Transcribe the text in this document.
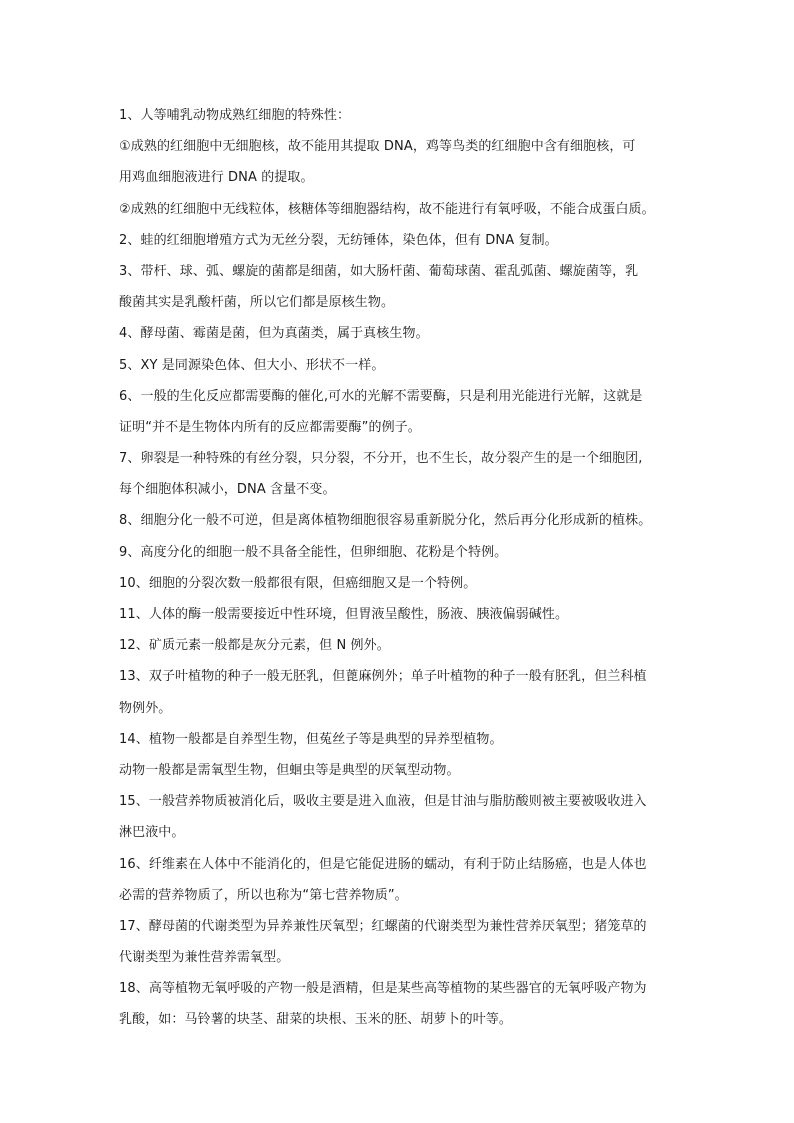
1、人等哺乳动物成熟红细胞的特殊性：
①成熟的红细胞中无细胞核，故不能用其提取 DNA，鸡等鸟类的红细胞中含有细胞核，可
用鸡血细胞液进行 DNA 的提取。
②成熟的红细胞中无线粒体，核糖体等细胞器结构，故不能进行有氧呼吸，不能合成蛋白质。
2、蛙的红细胞增殖方式为无丝分裂，无纺锤体，染色体，但有 DNA 复制。
3、带杆、球、弧、螺旋的菌都是细菌，如大肠杆菌、葡萄球菌、霍乱弧菌、螺旋菌等，乳
酸菌其实是乳酸杆菌，所以它们都是原核生物。
4、酵母菌、霉菌是菌，但为真菌类，属于真核生物。
5、XY 是同源染色体、但大小、形状不一样。
6、一般的生化反应都需要酶的催化,可水的光解不需要酶，只是利用光能进行光解，这就是
证明“并不是生物体内所有的反应都需要酶”的例子。
7、卵裂是一种特殊的有丝分裂，只分裂，不分开，也不生长，故分裂产生的是一个细胞团,
每个细胞体积减小，DNA 含量不变。
8、细胞分化一般不可逆，但是离体植物细胞很容易重新脱分化，然后再分化形成新的植株。
9、高度分化的细胞一般不具备全能性，但卵细胞、花粉是个特例。
10、细胞的分裂次数一般都很有限，但癌细胞又是一个特例。
11、人体的酶一般需要接近中性环境，但胃液呈酸性，肠液、胰液偏弱碱性。
12、矿质元素一般都是灰分元素，但 N 例外。
13、双子叶植物的种子一般无胚乳，但蓖麻例外；单子叶植物的种子一般有胚乳，但兰科植
物例外。
14、植物一般都是自养型生物，但菟丝子等是典型的异养型植物。
动物一般都是需氧型生物，但蛔虫等是典型的厌氧型动物。
15、一般营养物质被消化后，吸收主要是进入血液，但是甘油与脂肪酸则被主要被吸收进入
淋巴液中。
16、纤维素在人体中不能消化的，但是它能促进肠的蠕动，有利于防止结肠癌，也是人体也
必需的营养物质了，所以也称为“第七营养物质”。
17、酵母菌的代谢类型为异养兼性厌氧型；红螺菌的代谢类型为兼性营养厌氧型；猪笼草的
代谢类型为兼性营养需氧型。
18、高等植物无氧呼吸的产物一般是酒精，但是某些高等植物的某些器官的无氧呼吸产物为
乳酸，如：马铃薯的块茎、甜菜的块根、玉米的胚、胡萝卜的叶等。
